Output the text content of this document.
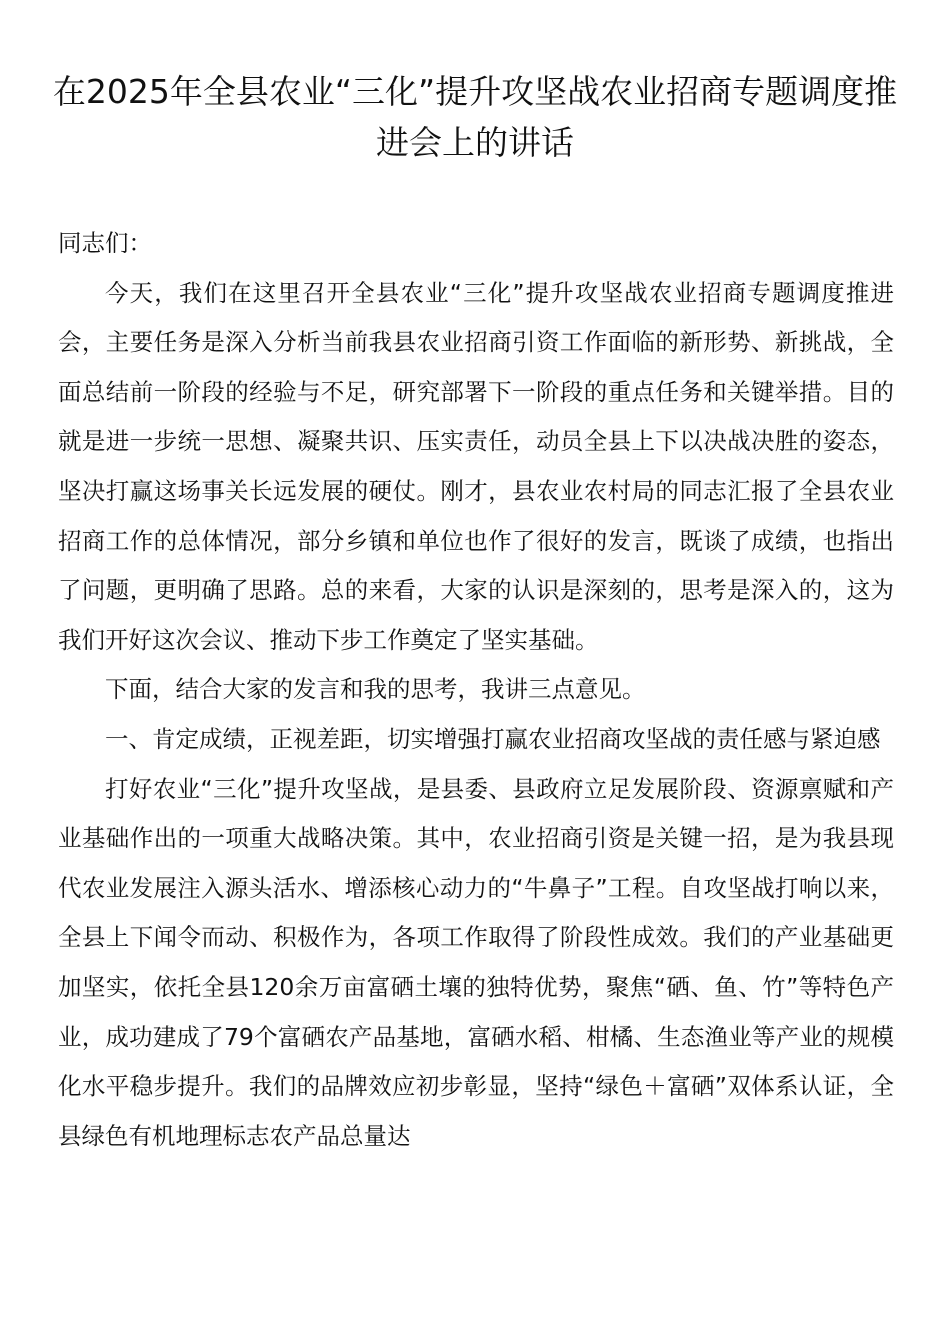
在2025年全县农业“三化”提升攻坚战农业招商专题调度推进会上的讲话

同志们：

今天，我们在这里召开全县农业“三化”提升攻坚战农业招商专题调度推进会，主要任务是深入分析当前我县农业招商引资工作面临的新形势、新挑战，全面总结前一阶段的经验与不足，研究部署下一阶段的重点任务和关键举措。目的就是进一步统一思想、凝聚共识、压实责任，动员全县上下以决战决胜的姿态，坚决打赢这场事关长远发展的硬仗。刚才，县农业农村局的同志汇报了全县农业招商工作的总体情况，部分乡镇和单位也作了很好的发言，既谈了成绩，也指出了问题，更明确了思路。总的来看，大家的认识是深刻的，思考是深入的，这为我们开好这次会议、推动下步工作奠定了坚实基础。

下面，结合大家的发言和我的思考，我讲三点意见。

一、肯定成绩，正视差距，切实增强打赢农业招商攻坚战的责任感与紧迫感

打好农业“三化”提升攻坚战，是县委、县政府立足发展阶段、资源禀赋和产业基础作出的一项重大战略决策。其中，农业招商引资是关键一招，是为我县现代农业发展注入源头活水、增添核心动力的“牛鼻子”工程。自攻坚战打响以来，全县上下闻令而动、积极作为，各项工作取得了阶段性成效。我们的产业基础更加坚实，依托全县120余万亩富硒土壤的独特优势，聚焦“硒、鱼、竹”等特色产业，成功建成了79个富硒农产品基地，富硒水稻、柑橘、生态渔业等产业的规模化水平稳步提升。我们的品牌效应初步彰显，坚持“绿色＋富硒”双体系认证，全县绿色有机地理标志农产品总量达
